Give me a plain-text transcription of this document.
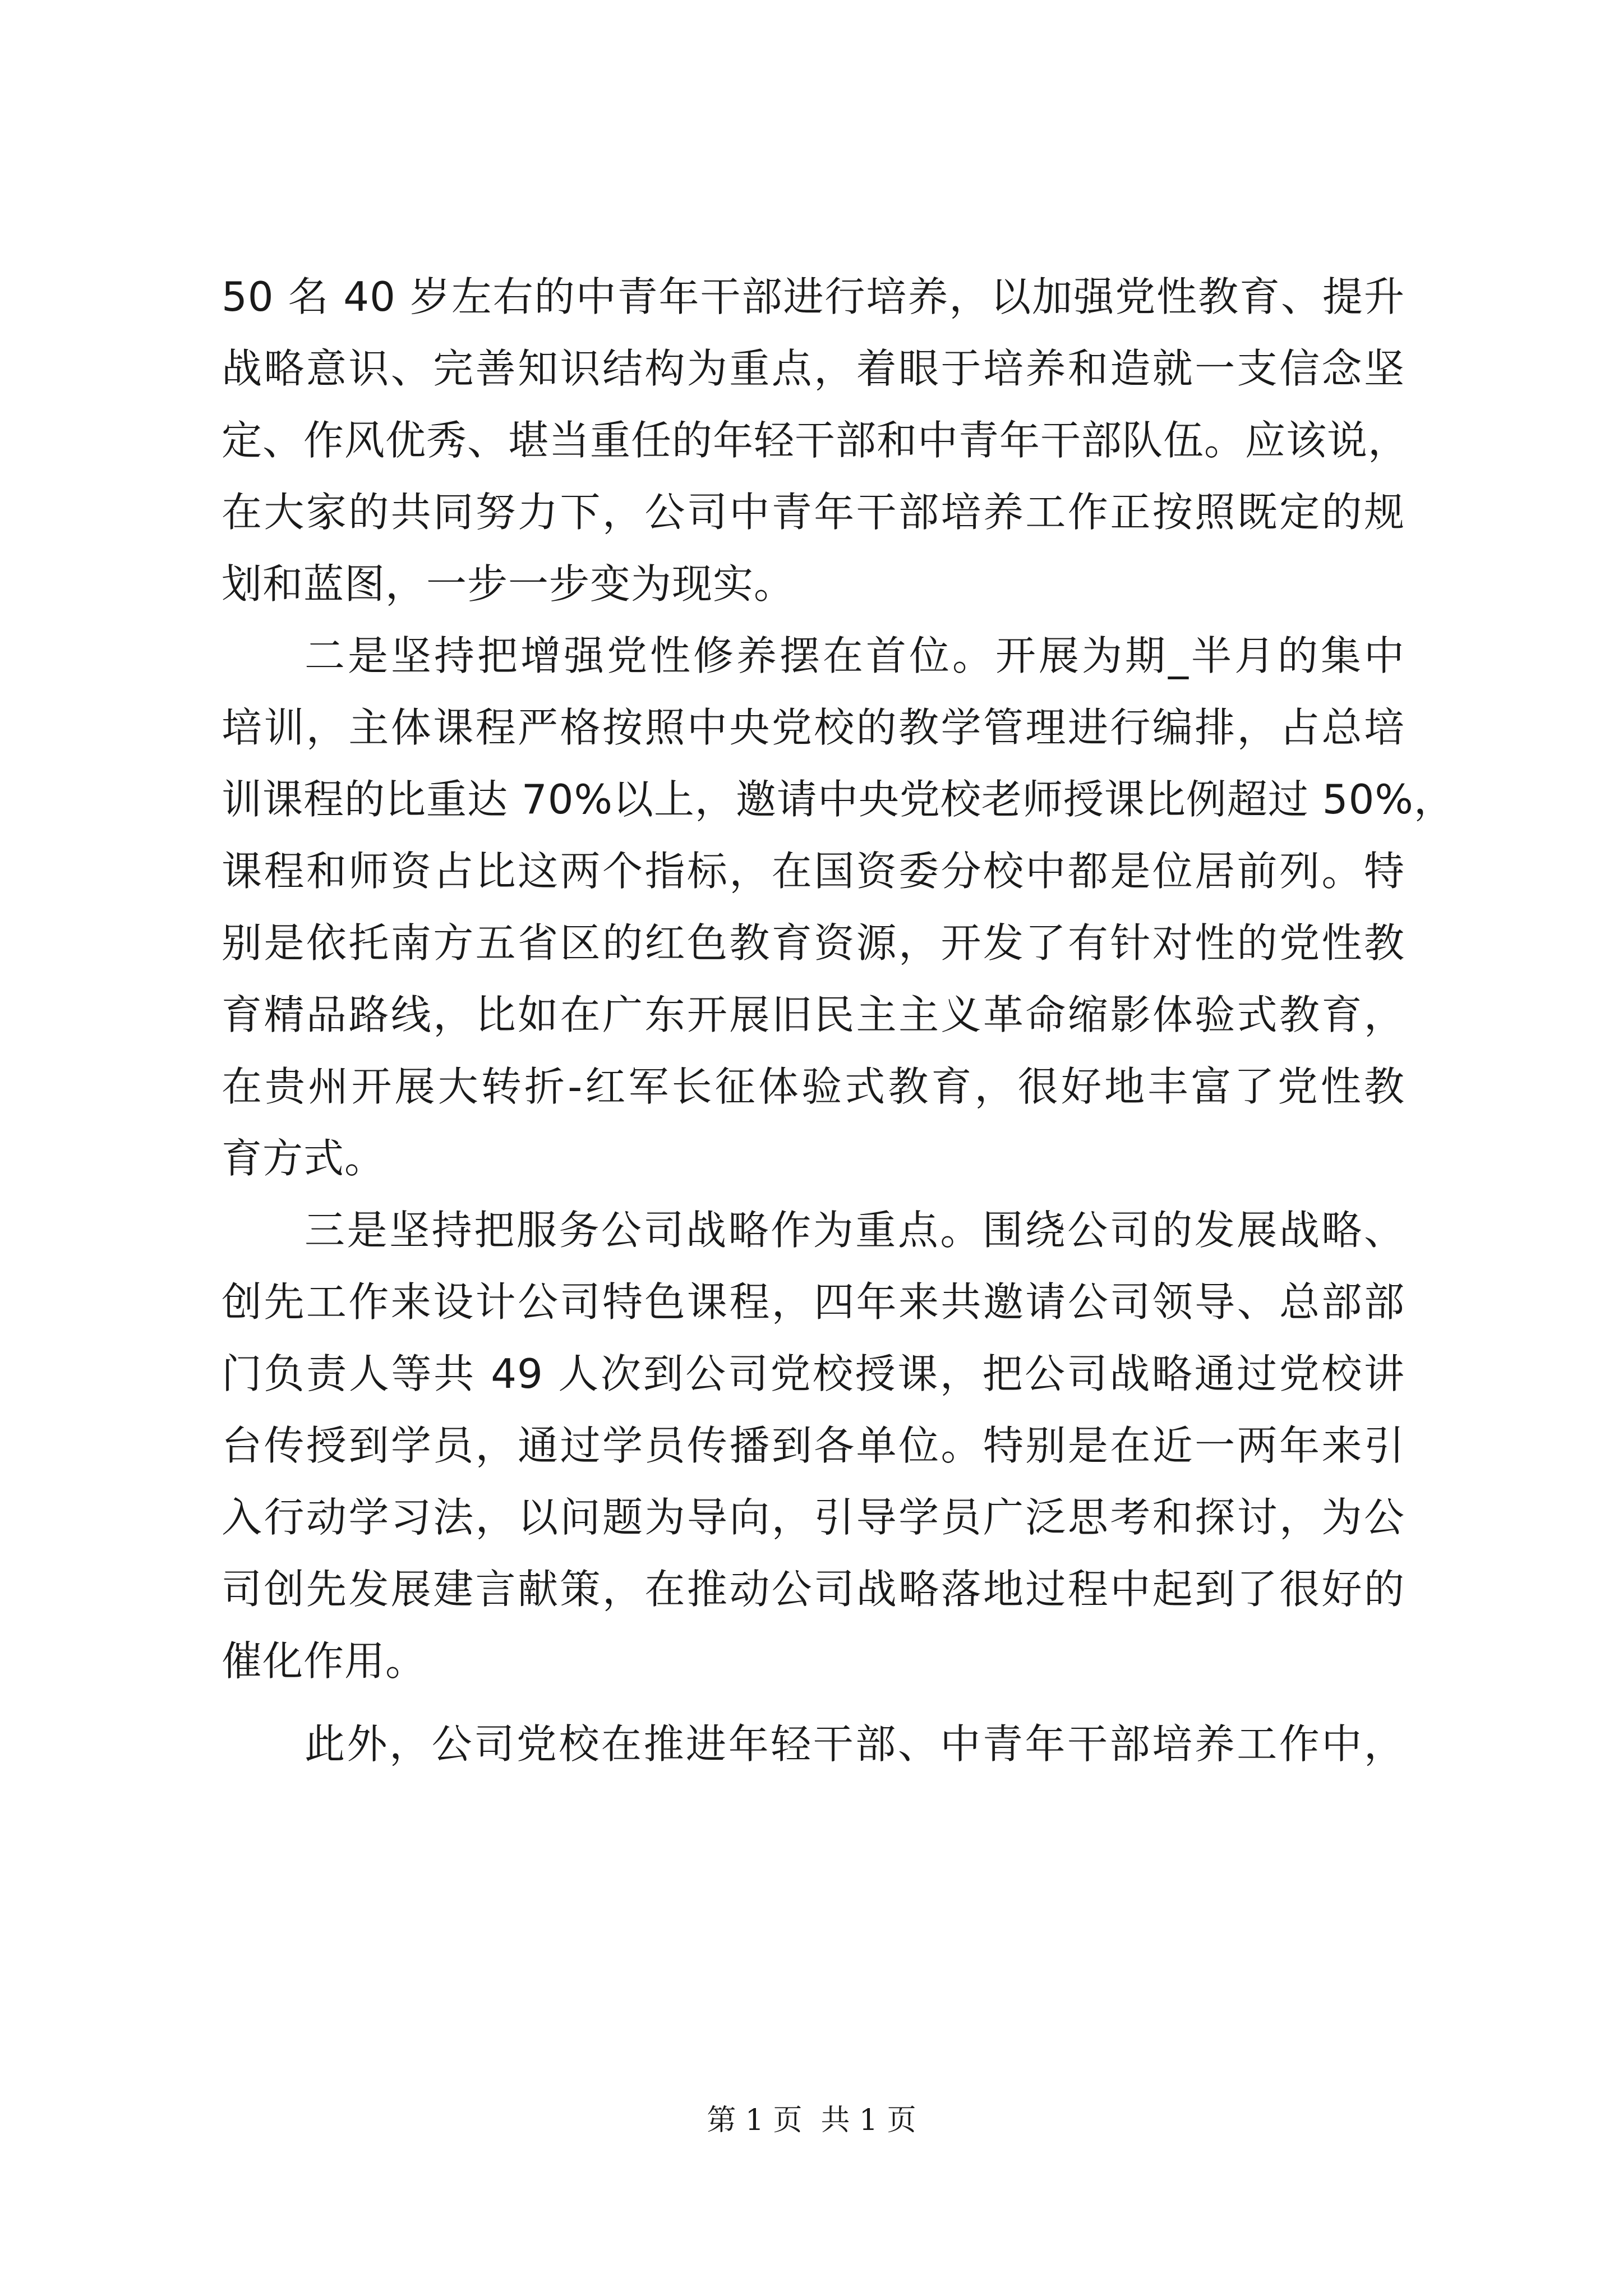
50 名 40 岁左右的中青年干部进行培养，以加强党性教育、提升
战略意识、完善知识结构为重点，着眼于培养和造就一支信念坚
定、作风优秀、堪当重任的年轻干部和中青年干部队伍。应该说，
在大家的共同努力下，公司中青年干部培养工作正按照既定的规
划和蓝图，一步一步变为现实。
二是坚持把增强党性修养摆在首位。开展为期_半月的集中
培训，主体课程严格按照中央党校的教学管理进行编排，占总培
训课程的比重达 70%以上，邀请中央党校老师授课比例超过 50%，
课程和师资占比这两个指标，在国资委分校中都是位居前列。特
别是依托南方五省区的红色教育资源，开发了有针对性的党性教
育精品路线，比如在广东开展旧民主主义革命缩影体验式教育，
在贵州开展大转折-红军长征体验式教育，很好地丰富了党性教
育方式。
三是坚持把服务公司战略作为重点。围绕公司的发展战略、
创先工作来设计公司特色课程，四年来共邀请公司领导、总部部
门负责人等共 49 人次到公司党校授课，把公司战略通过党校讲
台传授到学员，通过学员传播到各单位。特别是在近一两年来引
入行动学习法，以问题为导向，引导学员广泛思考和探讨，为公
司创先发展建言献策，在推动公司战略落地过程中起到了很好的
催化作用。
此外，公司党校在推进年轻干部、中青年干部培养工作中，
第 1 页  共 1 页
